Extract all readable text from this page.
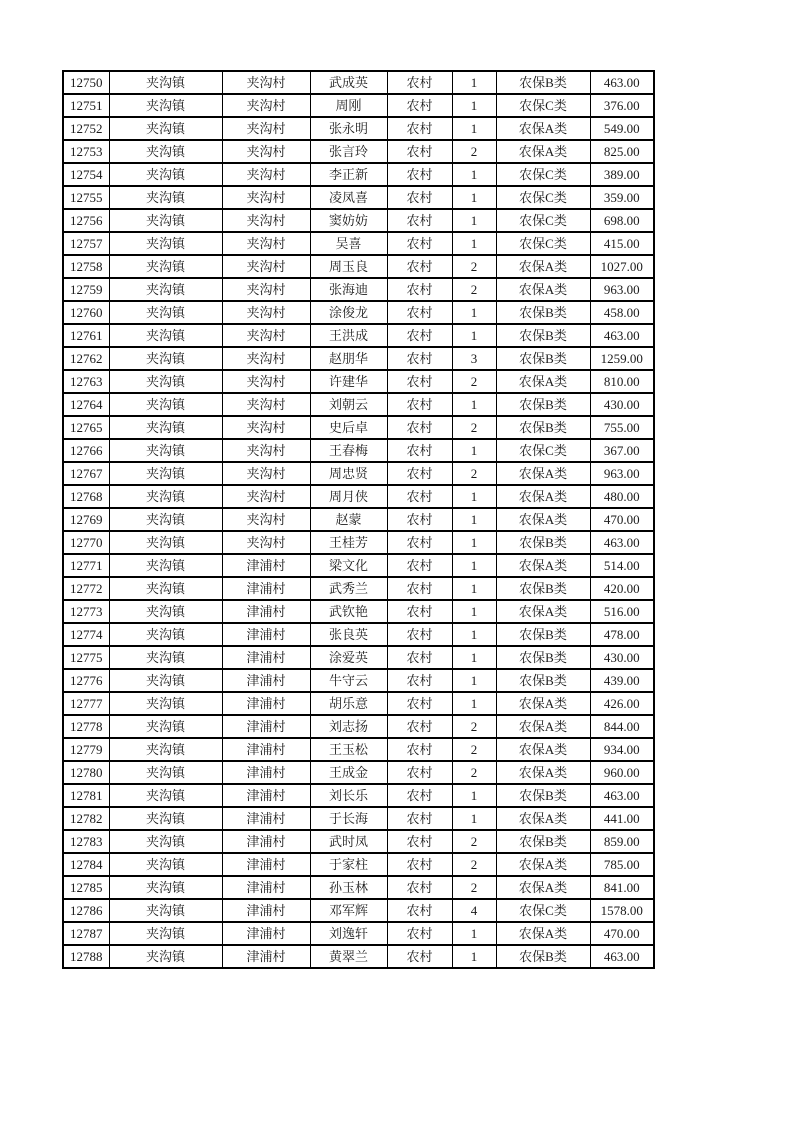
12750	夹沟镇	夹沟村	武成英	农村	1	农保B类	463.00
12751	夹沟镇	夹沟村	周刚	农村	1	农保C类	376.00
12752	夹沟镇	夹沟村	张永明	农村	1	农保A类	549.00
12753	夹沟镇	夹沟村	张言玲	农村	2	农保A类	825.00
12754	夹沟镇	夹沟村	李正新	农村	1	农保C类	389.00
12755	夹沟镇	夹沟村	凌凤喜	农村	1	农保C类	359.00
12756	夹沟镇	夹沟村	窦妨妨	农村	1	农保C类	698.00
12757	夹沟镇	夹沟村	吴喜	农村	1	农保C类	415.00
12758	夹沟镇	夹沟村	周玉良	农村	2	农保A类	1027.00
12759	夹沟镇	夹沟村	张海迪	农村	2	农保A类	963.00
12760	夹沟镇	夹沟村	涂俊龙	农村	1	农保B类	458.00
12761	夹沟镇	夹沟村	王洪成	农村	1	农保B类	463.00
12762	夹沟镇	夹沟村	赵朋华	农村	3	农保B类	1259.00
12763	夹沟镇	夹沟村	许建华	农村	2	农保A类	810.00
12764	夹沟镇	夹沟村	刘朝云	农村	1	农保B类	430.00
12765	夹沟镇	夹沟村	史后卓	农村	2	农保B类	755.00
12766	夹沟镇	夹沟村	王春梅	农村	1	农保C类	367.00
12767	夹沟镇	夹沟村	周忠贤	农村	2	农保A类	963.00
12768	夹沟镇	夹沟村	周月侠	农村	1	农保A类	480.00
12769	夹沟镇	夹沟村	赵蒙	农村	1	农保A类	470.00
12770	夹沟镇	夹沟村	王桂芳	农村	1	农保B类	463.00
12771	夹沟镇	津浦村	梁文化	农村	1	农保A类	514.00
12772	夹沟镇	津浦村	武秀兰	农村	1	农保B类	420.00
12773	夹沟镇	津浦村	武钦艳	农村	1	农保A类	516.00
12774	夹沟镇	津浦村	张良英	农村	1	农保B类	478.00
12775	夹沟镇	津浦村	涂爱英	农村	1	农保B类	430.00
12776	夹沟镇	津浦村	牛守云	农村	1	农保B类	439.00
12777	夹沟镇	津浦村	胡乐意	农村	1	农保A类	426.00
12778	夹沟镇	津浦村	刘志扬	农村	2	农保A类	844.00
12779	夹沟镇	津浦村	王玉松	农村	2	农保A类	934.00
12780	夹沟镇	津浦村	王成金	农村	2	农保A类	960.00
12781	夹沟镇	津浦村	刘长乐	农村	1	农保B类	463.00
12782	夹沟镇	津浦村	于长海	农村	1	农保A类	441.00
12783	夹沟镇	津浦村	武时凤	农村	2	农保B类	859.00
12784	夹沟镇	津浦村	于家柱	农村	2	农保A类	785.00
12785	夹沟镇	津浦村	孙玉林	农村	2	农保A类	841.00
12786	夹沟镇	津浦村	邓军辉	农村	4	农保C类	1578.00
12787	夹沟镇	津浦村	刘逸轩	农村	1	农保A类	470.00
12788	夹沟镇	津浦村	黄翠兰	农村	1	农保B类	463.00
